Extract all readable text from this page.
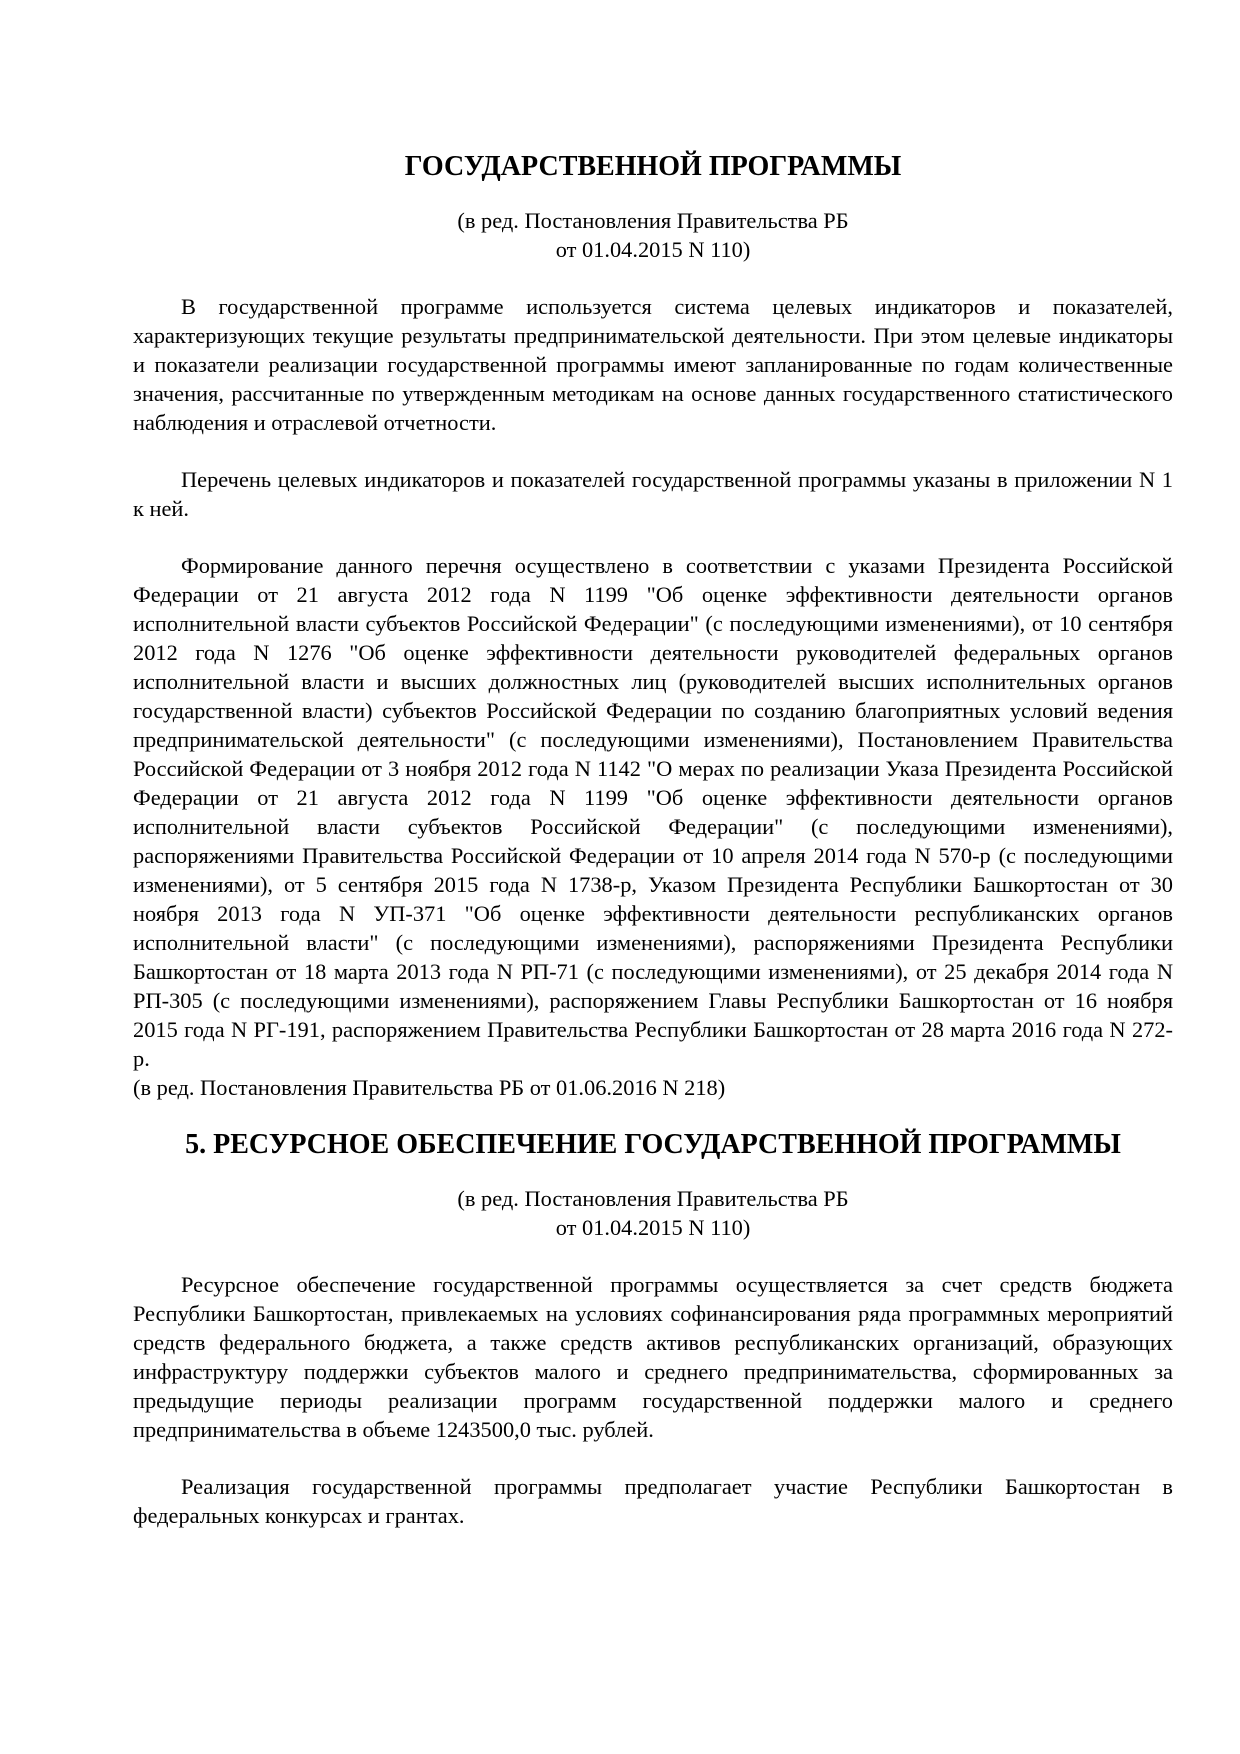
ГОСУДАРСТВЕННОЙ ПРОГРАММЫ

(в ред. Постановления Правительства РБ

от 01.04.2015 N 110)

В государственной программе используется система целевых индикаторов и показателей, характеризующих текущие результаты предпринимательской деятельности. При этом целевые индикаторы и показатели реализации государственной программы имеют запланированные по годам количественные значения, рассчитанные по утвержденным методикам на основе данных государственного статистического наблюдения и отраслевой отчетности.

Перечень целевых индикаторов и показателей государственной программы указаны в приложении N 1 к ней.

Формирование данного перечня осуществлено в соответствии с указами Президента Российской Федерации от 21 августа 2012 года N 1199 "Об оценке эффективности деятельности органов исполнительной власти субъектов Российской Федерации" (с последующими изменениями), от 10 сентября 2012 года N 1276 "Об оценке эффективности деятельности руководителей федеральных органов исполнительной власти и высших должностных лиц (руководителей высших исполнительных органов государственной власти) субъектов Российской Федерации по созданию благоприятных условий ведения предпринимательской деятельности" (с последующими изменениями), Постановлением Правительства Российской Федерации от 3 ноября 2012 года N 1142 "О мерах по реализации Указа Президента Российской Федерации от 21 августа 2012 года N 1199 "Об оценке эффективности деятельности органов исполнительной власти субъектов Российской Федерации" (с последующими изменениями), распоряжениями Правительства Российской Федерации от 10 апреля 2014 года N 570-р (с последующими изменениями), от 5 сентября 2015 года N 1738-р, Указом Президента Республики Башкортостан от 30 ноября 2013 года N УП-371 "Об оценке эффективности деятельности республиканских органов исполнительной власти" (с последующими изменениями), распоряжениями Президента Республики Башкортостан от 18 марта 2013 года N РП-71 (с последующими изменениями), от 25 декабря 2014 года N РП-305 (с последующими изменениями), распоряжением Главы Республики Башкортостан от 16 ноября 2015 года N РГ-191, распоряжением Правительства Республики Башкортостан от 28 марта 2016 года N 272-р.

(в ред. Постановления Правительства РБ от 01.06.2016 N 218)

5. РЕСУРСНОЕ ОБЕСПЕЧЕНИЕ ГОСУДАРСТВЕННОЙ ПРОГРАММЫ

(в ред. Постановления Правительства РБ

от 01.04.2015 N 110)

Ресурсное обеспечение государственной программы осуществляется за счет средств бюджета Республики Башкортостан, привлекаемых на условиях софинансирования ряда программных мероприятий средств федерального бюджета, а также средств активов республиканских организаций, образующих инфраструктуру поддержки субъектов малого и среднего предпринимательства, сформированных за предыдущие периоды реализации программ государственной поддержки малого и среднего предпринимательства в объеме 1243500,0 тыс. рублей.

Реализация государственной программы предполагает участие Республики Башкортостан в федеральных конкурсах и грантах.
